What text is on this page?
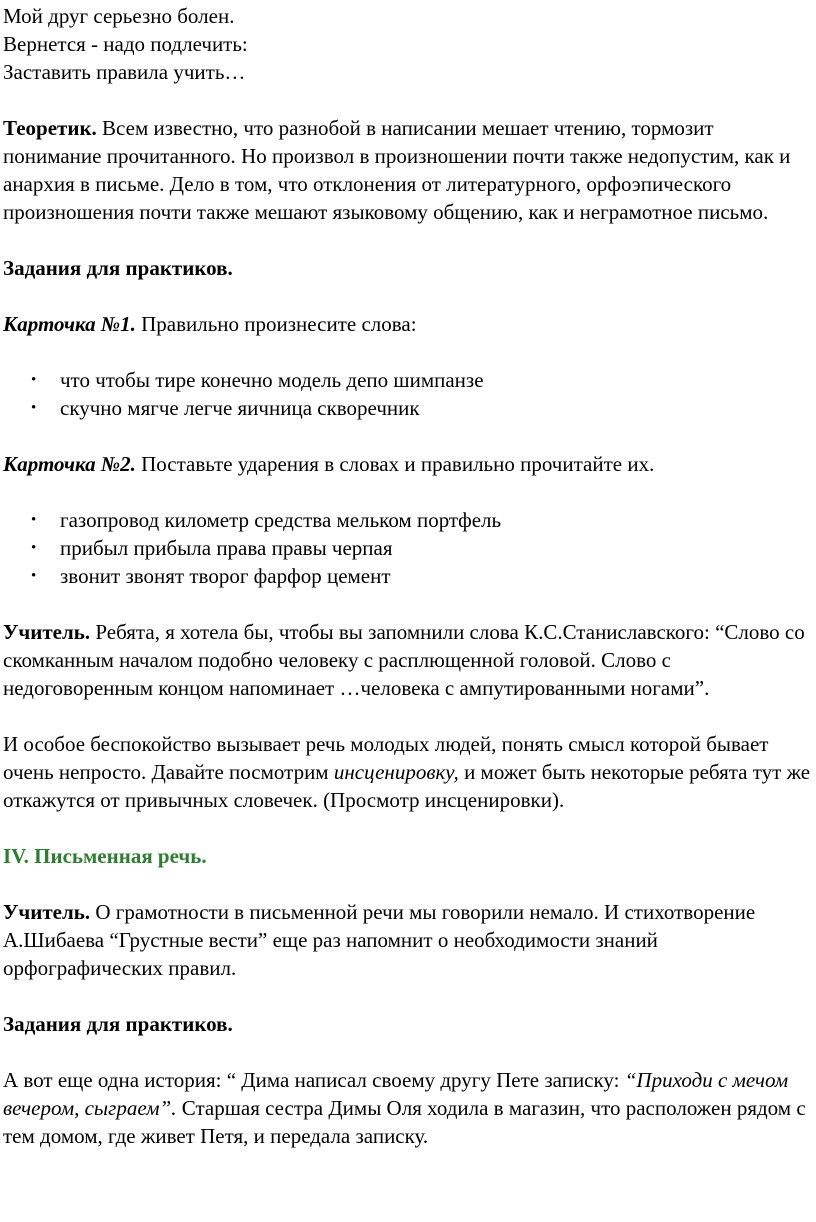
Мой друг серьезно болен.

Вернется - надо подлечить:

Заставить правила учить…

Теоретик. Всем известно, что разнобой в написании мешает чтению, тормозит понимание прочитанного. Но произвол в произношении почти также недопустим, как и анархия в письме. Дело в том, что отклонения от литературного, орфоэпического произношения почти также мешают языковому общению, как и неграмотное письмо.

Задания для практиков.

Карточка №1. Правильно произнесите слова:

• что чтобы тире конечно модель депо шимпанзе
• скучно мягче легче яичница скворечник

Карточка №2. Поставьте ударения в словах и правильно прочитайте их.

• газопровод километр средства мельком портфель
• прибыл прибыла права правы черпая
• звонит звонят творог фарфор цемент

Учитель. Ребята, я хотела бы, чтобы вы запомнили слова К.С.Станиславского: “Слово со скомканным началом подобно человеку с расплющенной головой. Слово с недоговоренным концом напоминает …человека с ампутированными ногами”.

И особое беспокойство вызывает речь молодых людей, понять смысл которой бывает очень непросто. Давайте посмотрим инсценировку, и может быть некоторые ребята тут же откажутся от привычных словечек. (Просмотр инсценировки).

IV. Письменная речь.

Учитель. О грамотности в письменной речи мы говорили немало. И стихотворение А.Шибаева “Грустные вести” еще раз напомнит о необходимости знаний орфографических правил.

Задания для практиков.

А вот еще одна история: “ Дима написал своему другу Пете записку: “Приходи с мечом вечером, сыграем”. Старшая сестра Димы Оля ходила в магазин, что расположен рядом с тем домом, где живет Петя, и передала записку.
